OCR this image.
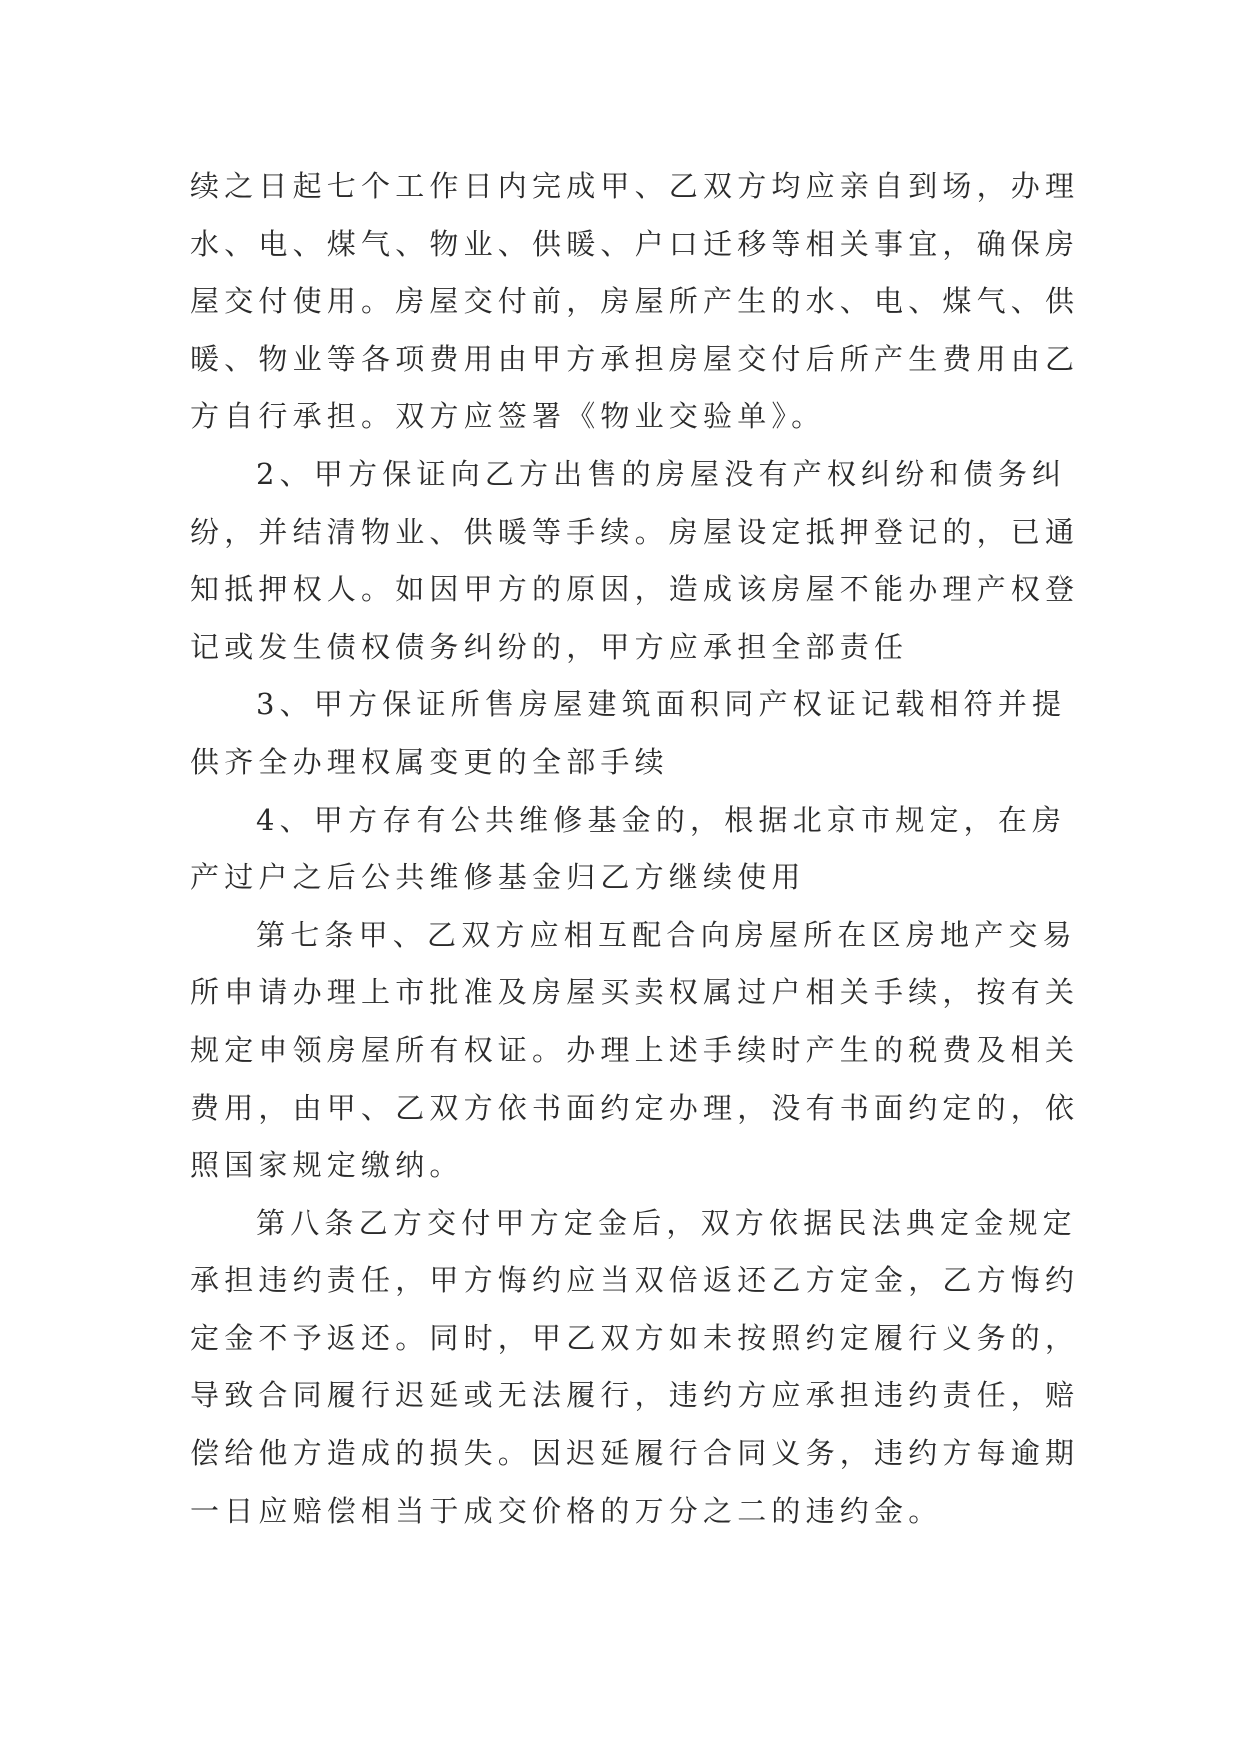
续之日起七个工作日内完成甲、乙双方均应亲自到场，办理
水、电、煤气、物业、供暖、户口迁移等相关事宜，确保房
屋交付使用。房屋交付前，房屋所产生的水、电、煤气、供
暖、物业等各项费用由甲方承担房屋交付后所产生费用由乙
方自行承担。双方应签署《物业交验单》。
2、甲方保证向乙方出售的房屋没有产权纠纷和债务纠
纷，并结清物业、供暖等手续。房屋设定抵押登记的，已通
知抵押权人。如因甲方的原因，造成该房屋不能办理产权登
记或发生债权债务纠纷的，甲方应承担全部责任
3、甲方保证所售房屋建筑面积同产权证记载相符并提
供齐全办理权属变更的全部手续
4、甲方存有公共维修基金的，根据北京市规定，在房
产过户之后公共维修基金归乙方继续使用
第七条甲、乙双方应相互配合向房屋所在区房地产交易
所申请办理上市批准及房屋买卖权属过户相关手续，按有关
规定申领房屋所有权证。办理上述手续时产生的税费及相关
费用，由甲、乙双方依书面约定办理，没有书面约定的，依
照国家规定缴纳。
第八条乙方交付甲方定金后，双方依据民法典定金规定
承担违约责任，甲方悔约应当双倍返还乙方定金，乙方悔约
定金不予返还。同时，甲乙双方如未按照约定履行义务的，
导致合同履行迟延或无法履行，违约方应承担违约责任，赔
偿给他方造成的损失。因迟延履行合同义务，违约方每逾期
一日应赔偿相当于成交价格的万分之二的违约金。
